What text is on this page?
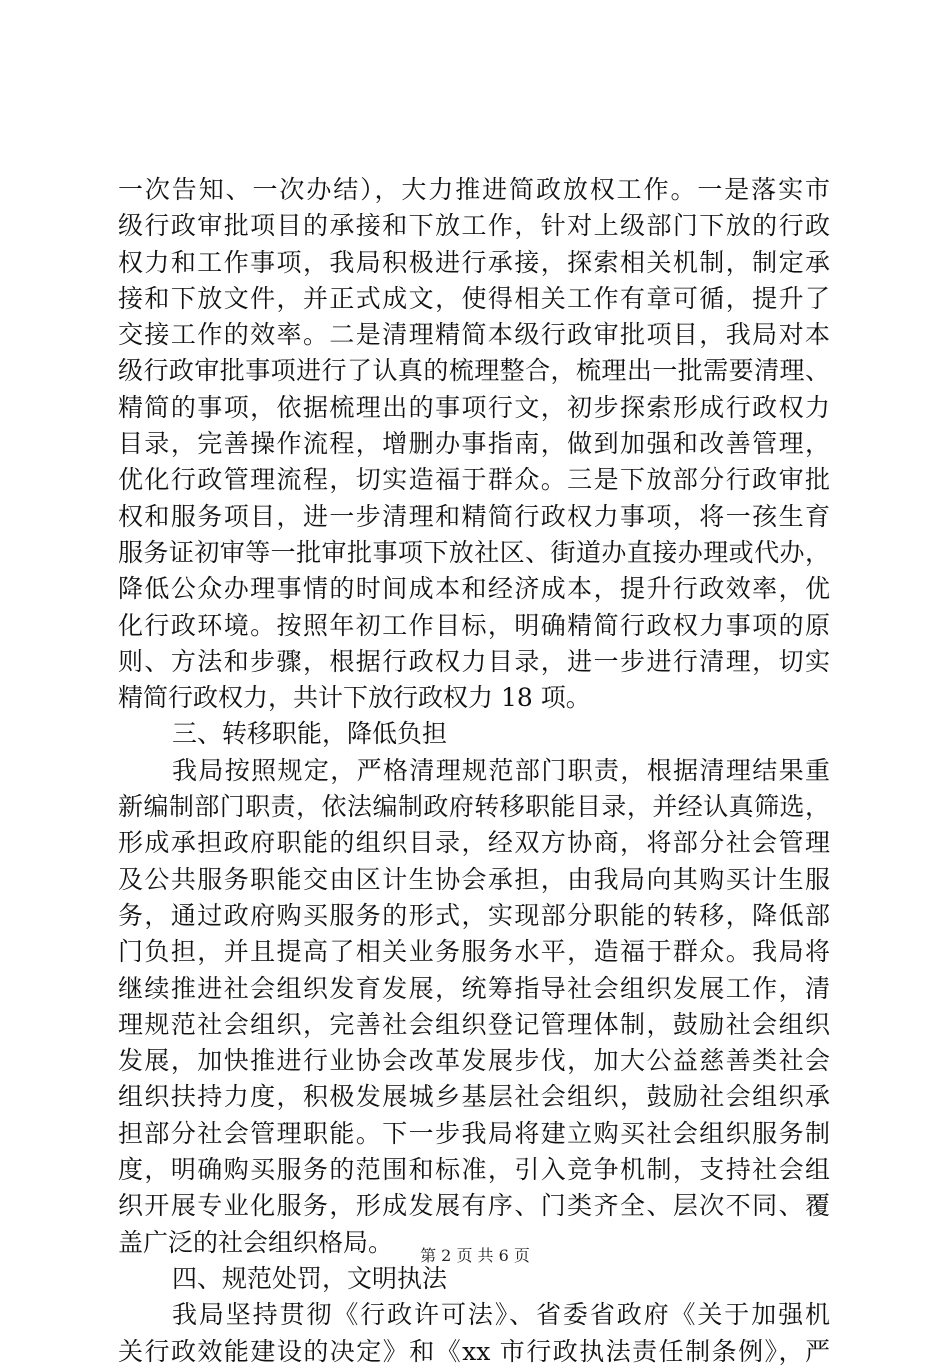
一次告知、一次办结），大力推进简政放权工作。一是落实市
级行政审批项目的承接和下放工作，针对上级部门下放的行政
权力和工作事项，我局积极进行承接，探索相关机制，制定承
接和下放文件，并正式成文，使得相关工作有章可循，提升了
交接工作的效率。二是清理精简本级行政审批项目，我局对本
级行政审批事项进行了认真的梳理整合，梳理出一批需要清理、
精简的事项，依据梳理出的事项行文，初步探索形成行政权力
目录，完善操作流程，增删办事指南，做到加强和改善管理，
优化行政管理流程，切实造福于群众。三是下放部分行政审批
权和服务项目，进一步清理和精简行政权力事项，将一孩生育
服务证初审等一批审批事项下放社区、街道办直接办理或代办，
降低公众办理事情的时间成本和经济成本，提升行政效率，优
化行政环境。按照年初工作目标，明确精简行政权力事项的原
则、方法和步骤，根据行政权力目录，进一步进行清理，切实
精简行政权力，共计下放行政权力 18 项。
三、转移职能，降低负担
我局按照规定，严格清理规范部门职责，根据清理结果重
新编制部门职责，依法编制政府转移职能目录，并经认真筛选，
形成承担政府职能的组织目录，经双方协商，将部分社会管理
及公共服务职能交由区计生协会承担，由我局向其购买计生服
务，通过政府购买服务的形式，实现部分职能的转移，降低部
门负担，并且提高了相关业务服务水平，造福于群众。我局将
继续推进社会组织发育发展，统筹指导社会组织发展工作，清
理规范社会组织，完善社会组织登记管理体制，鼓励社会组织
发展，加快推进行业协会改革发展步伐，加大公益慈善类社会
组织扶持力度，积极发展城乡基层社会组织，鼓励社会组织承
担部分社会管理职能。下一步我局将建立购买社会组织服务制
度，明确购买服务的范围和标准，引入竞争机制，支持社会组
织开展专业化服务，形成发展有序、门类齐全、层次不同、覆
盖广泛的社会组织格局。
四、规范处罚，文明执法
我局坚持贯彻《行政许可法》、省委省政府《关于加强机
关行政效能建设的决定》和《xx 市行政执法责任制条例》，严
第 2 页 共 6 页
